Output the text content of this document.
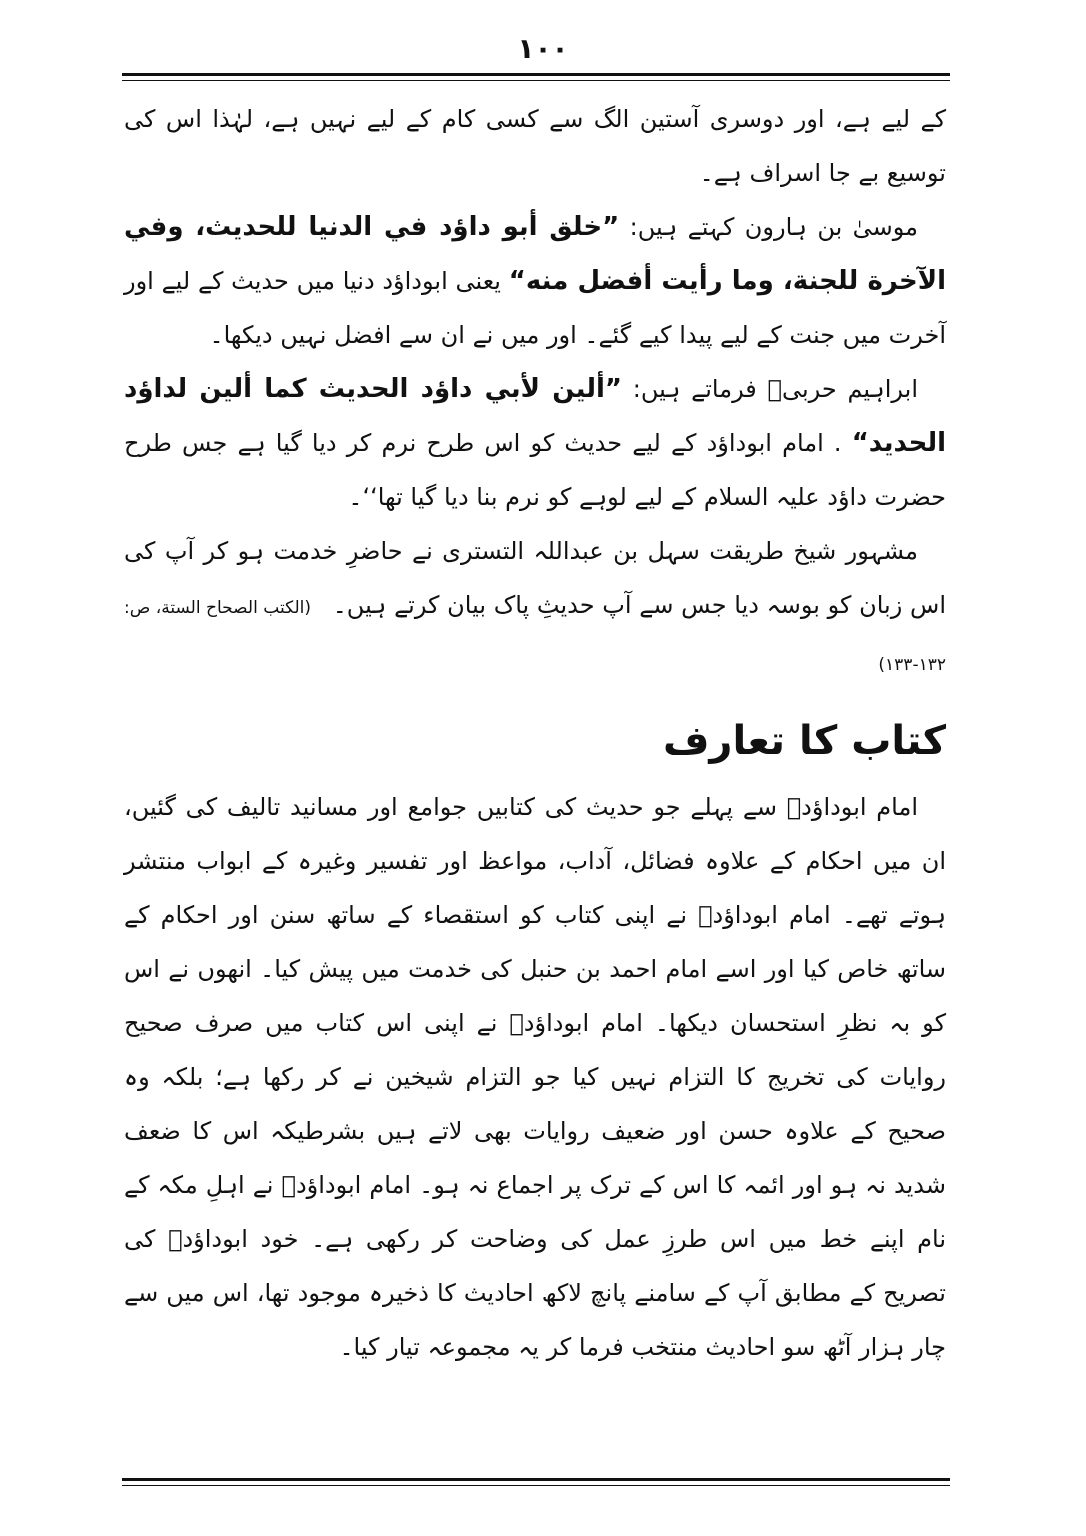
١٠٠

کے لیے ہے، اور دوسری آستین الگ سے کسی کام کے لیے نہیں ہے، لہٰذا اس کی توسیع بے جا اسراف ہے۔

موسیٰ بن ہارون کہتے ہیں: ”خلق أبو داؤد في الدنيا للحديث، وفي الآخرة للجنة، وما رأيت أفضل منه“ یعنی ابوداؤد دنیا میں حدیث کے لیے اور آخرت میں جنت کے لیے پیدا کیے گئے۔ اور میں نے ان سے افضل نہیں دیکھا۔

ابراہیم حربیؒ فرماتے ہیں: ”ألين لأبي داؤد الحديث كما ألين لداؤد الحديد“ . امام ابوداؤد کے لیے حدیث کو اس طرح نرم کر دیا گیا ہے جس طرح حضرت داؤد علیہ السلام کے لیے لوہے کو نرم بنا دیا گیا تھا‘‘۔

مشہور شیخ طریقت سہل بن عبداللہ التستری نے حاضرِ خدمت ہو کر آپ کی اس زبان کو بوسہ دیا جس سے آپ حدیثِ پاک بیان کرتے ہیں۔ (الکتب الصحاح الستة، ص: ۱۳۲-۱۳۳)

کتاب کا تعارف

امام ابوداؤدؒ سے پہلے جو حدیث کی کتابیں جوامع اور مسانید تالیف کی گئیں، ان میں احکام کے علاوہ فضائل، آداب، مواعظ اور تفسیر وغیرہ کے ابواب منتشر ہوتے تھے۔ امام ابوداؤدؒ نے اپنی کتاب کو استقصاء کے ساتھ سنن اور احکام کے ساتھ خاص کیا اور اسے امام احمد بن حنبل کی خدمت میں پیش کیا۔ انھوں نے اس کو بہ نظرِ استحسان دیکھا۔ امام ابوداؤدؒ نے اپنی اس کتاب میں صرف صحیح روایات کی تخریج کا التزام نہیں کیا جو التزام شیخین نے کر رکھا ہے؛ بلکہ وہ صحیح کے علاوہ حسن اور ضعیف روایات بھی لاتے ہیں بشرطیکہ اس کا ضعف شدید نہ ہو اور ائمہ کا اس کے ترک پر اجماع نہ ہو۔ امام ابوداؤدؒ نے اہلِ مکہ کے نام اپنے خط میں اس طرزِ عمل کی وضاحت کر رکھی ہے۔ خود ابوداؤدؒ کی تصریح کے مطابق آپ کے سامنے پانچ لاکھ احادیث کا ذخیرہ موجود تھا، اس میں سے چار ہزار آٹھ سو احادیث منتخب فرما کر یہ مجموعہ تیار کیا۔
